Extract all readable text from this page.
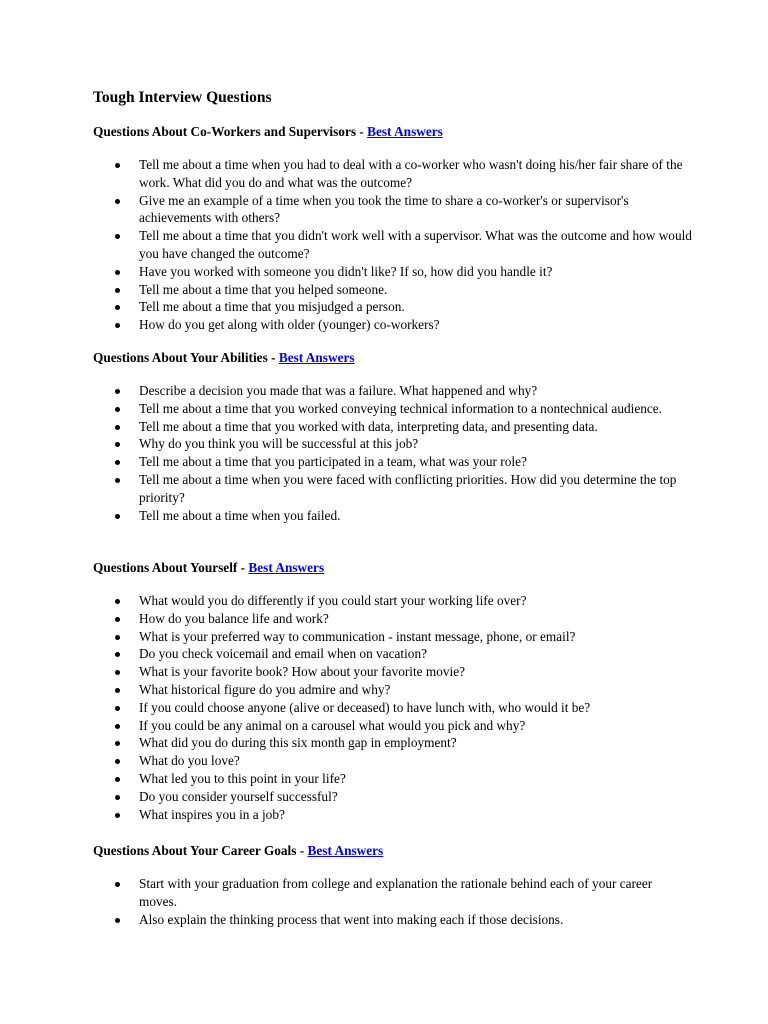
Tough Interview Questions
Questions About Co-Workers and Supervisors - Best Answers
Tell me about a time when you had to deal with a co-worker who wasn't doing his/her fair share of the work. What did you do and what was the outcome?
Give me an example of a time when you took the time to share a co-worker's or supervisor's achievements with others?
Tell me about a time that you didn't work well with a supervisor. What was the outcome and how would you have changed the outcome?
Have you worked with someone you didn't like? If so, how did you handle it?
Tell me about a time that you helped someone.
Tell me about a time that you misjudged a person.
How do you get along with older (younger) co-workers?
Questions About Your Abilities - Best Answers
Describe a decision you made that was a failure. What happened and why?
Tell me about a time that you worked conveying technical information to a nontechnical audience.
Tell me about a time that you worked with data, interpreting data, and presenting data.
Why do you think you will be successful at this job?
Tell me about a time that you participated in a team, what was your role?
Tell me about a time when you were faced with conflicting priorities. How did you determine the top priority?
Tell me about a time when you failed.
Questions About Yourself - Best Answers
What would you do differently if you could start your working life over?
How do you balance life and work?
What is your preferred way to communication - instant message, phone, or email?
Do you check voicemail and email when on vacation?
What is your favorite book? How about your favorite movie?
What historical figure do you admire and why?
If you could choose anyone (alive or deceased) to have lunch with, who would it be?
If you could be any animal on a carousel what would you pick and why?
What did you do during this six month gap in employment?
What do you love?
What led you to this point in your life?
Do you consider yourself successful?
What inspires you in a job?
Questions About Your Career Goals - Best Answers
Start with your graduation from college and explanation the rationale behind each of your career moves.
Also explain the thinking process that went into making each if those decisions.
